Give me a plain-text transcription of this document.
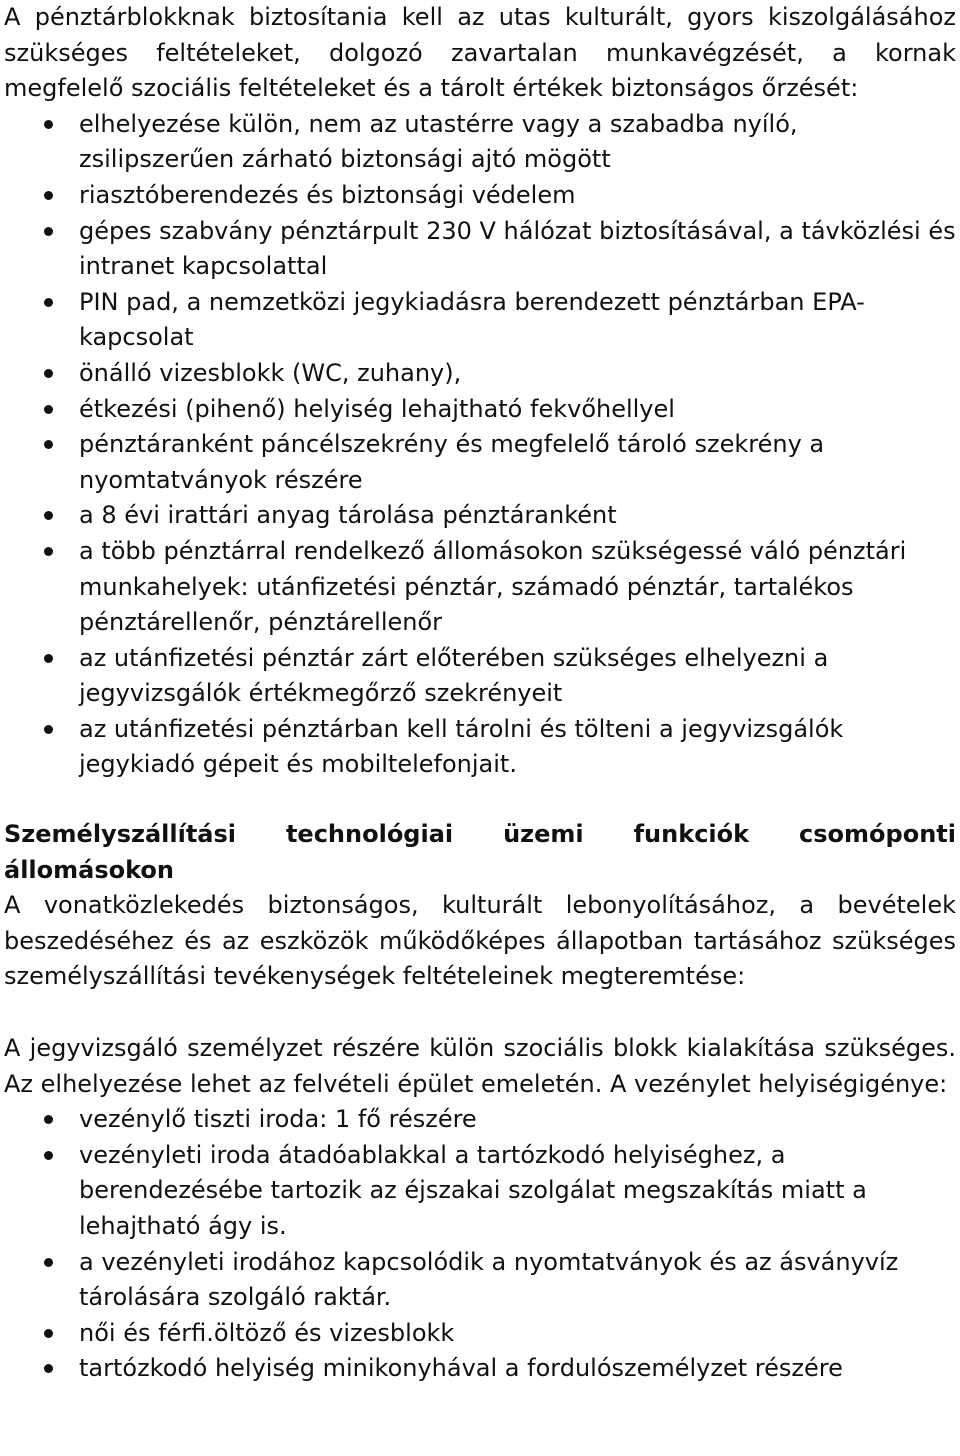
A pénztárblokknak biztosítania kell az utas kulturált, gyors kiszolgálásához szükséges feltételeket, dolgozó zavartalan munkavégzését, a kornak megfelelő szociális feltételeket és a tárolt értékek biztonságos őrzését:

elhelyezése külön, nem az utastérre vagy a szabadba nyíló, zsilipszerűen zárható biztonsági ajtó mögött
riasztóberendezés és biztonsági védelem
gépes szabvány pénztárpult 230 V hálózat biztosításával, a távközlési és intranet kapcsolattal
PIN pad, a nemzetközi jegykiadásra berendezett pénztárban EPA-kapcsolat
önálló vizesblokk (WC, zuhany),
étkezési (pihenő) helyiség lehajtható fekvőhellyel
pénztáranként páncélszekrény és megfelelő tároló szekrény a nyomtatványok részére
a 8 évi irattári anyag tárolása pénztáranként
a több pénztárral rendelkező állomásokon szükségessé váló pénztári munkahelyek: utánfizetési pénztár, számadó pénztár, tartalékos pénztárellenőr, pénztárellenőr
az utánfizetési pénztár zárt előterében szükséges elhelyezni a jegyvizsgálók értékmegőrző szekrényeit
az utánfizetési pénztárban kell tárolni és tölteni a jegyvizsgálók jegykiadó gépeit és mobiltelefonjait.
Személyszállítási technológiai üzemi funkciók csomóponti állomásokon

A vonatközlekedés biztonságos, kulturált lebonyolításához, a bevételek beszedéséhez és az eszközök működőképes állapotban tartásához szükséges személyszállítási tevékenységek feltételeinek megteremtése:

A jegyvizsgáló személyzet részére külön szociális blokk kialakítása szükséges. Az elhelyezése lehet az felvételi épület emeletén. A vezénylet helyiségigénye:

vezénylő tiszti iroda: 1 fő részére
vezényleti iroda átadóablakkal a tartózkodó helyiséghez, a berendezésébe tartozik az éjszakai szolgálat megszakítás miatt a lehajtható ágy is.
a vezényleti irodához kapcsolódik a nyomtatványok és az ásványvíz tárolására szolgáló raktár.
női és férfi.öltöző és vizesblokk
tartózkodó helyiség minikonyhával a fordulószemélyzet részére
